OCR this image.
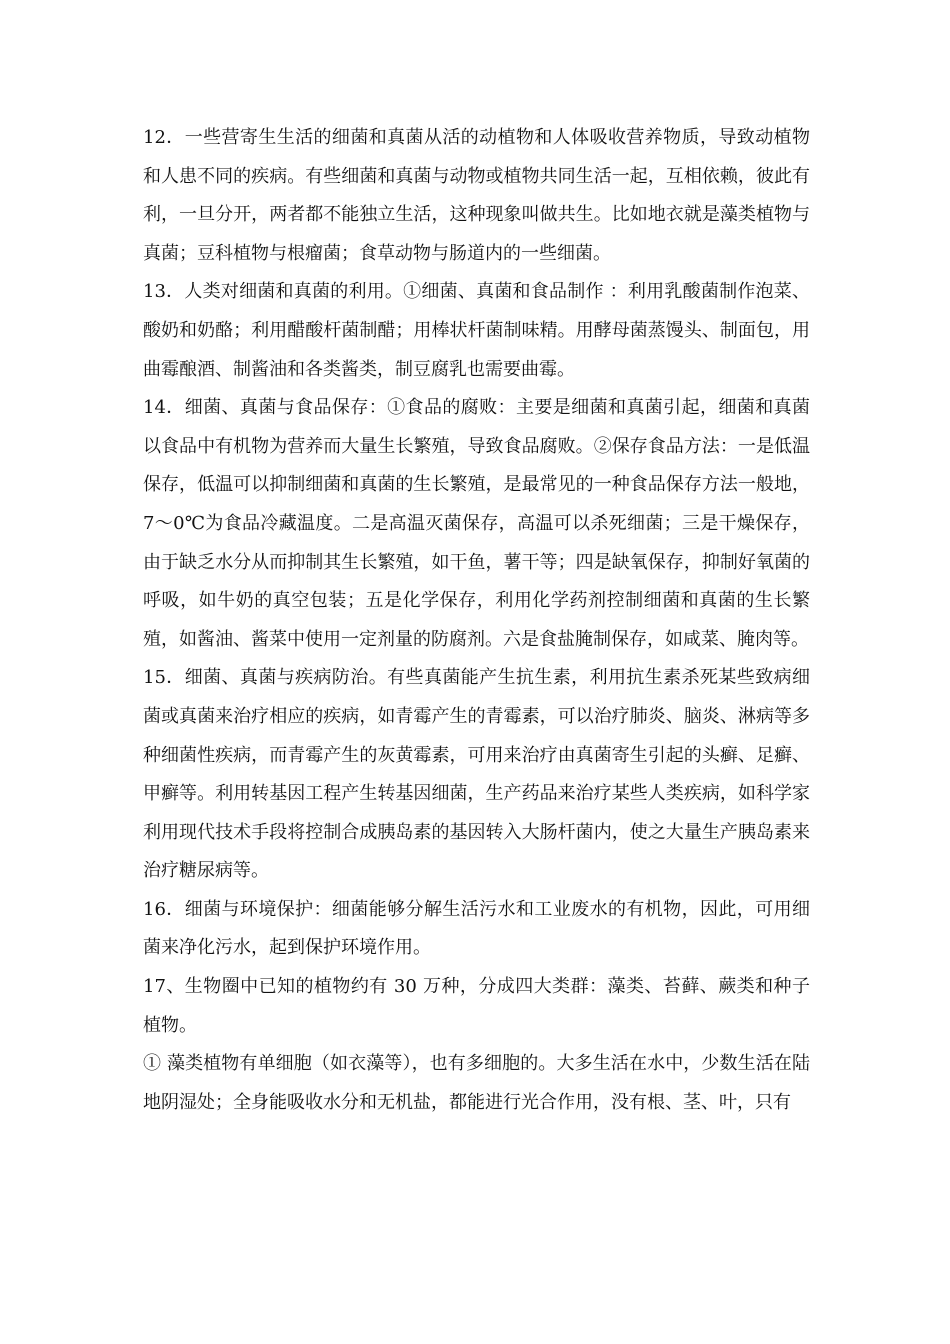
12．一些营寄生生活的细菌和真菌从活的动植物和人体吸收营养物质，导致动植物和人患不同的疾病。有些细菌和真菌与动物或植物共同生活一起，互相依赖，彼此有利，一旦分开，两者都不能独立生活，这种现象叫做共生。比如地衣就是藻类植物与真菌；豆科植物与根瘤菌；食草动物与肠道内的一些细菌。

13．人类对细菌和真菌的利用。①细菌、真菌和食品制作 ：利用乳酸菌制作泡菜、酸奶和奶酪；利用醋酸杆菌制醋；用棒状杆菌制味精。用酵母菌蒸馒头、制面包，用曲霉酿酒、制酱油和各类酱类，制豆腐乳也需要曲霉。

14．细菌、真菌与食品保存：①食品的腐败：主要是细菌和真菌引起，细菌和真菌以食品中有机物为营养而大量生长繁殖，导致食品腐败。②保存食品方法：一是低温保存，低温可以抑制细菌和真菌的生长繁殖，是最常见的一种食品保存方法一般地，7～0℃为食品冷藏温度。二是高温灭菌保存，高温可以杀死细菌；三是干燥保存，由于缺乏水分从而抑制其生长繁殖，如干鱼，薯干等；四是缺氧保存，抑制好氧菌的呼吸，如牛奶的真空包装；五是化学保存，利用化学药剂控制细菌和真菌的生长繁殖，如酱油、酱菜中使用一定剂量的防腐剂。六是食盐腌制保存，如咸菜、腌肉等。

15．细菌、真菌与疾病防治。有些真菌能产生抗生素，利用抗生素杀死某些致病细菌或真菌来治疗相应的疾病，如青霉产生的青霉素，可以治疗肺炎、脑炎、淋病等多种细菌性疾病，而青霉产生的灰黄霉素，可用来治疗由真菌寄生引起的头癣、足癣、甲癣等。利用转基因工程产生转基因细菌，生产药品来治疗某些人类疾病，如科学家利用现代技术手段将控制合成胰岛素的基因转入大肠杆菌内，使之大量生产胰岛素来治疗糖尿病等。

16．细菌与环境保护：细菌能够分解生活污水和工业废水的有机物，因此，可用细菌来净化污水，起到保护环境作用。

17、生物圈中已知的植物约有 30 万种，分成四大类群：藻类、苔藓、蕨类和种子植物。

① 藻类植物有单细胞（如衣藻等），也有多细胞的。大多生活在水中，少数生活在陆地阴湿处；全身能吸收水分和无机盐，都能进行光合作用，没有根、茎、叶，只有
